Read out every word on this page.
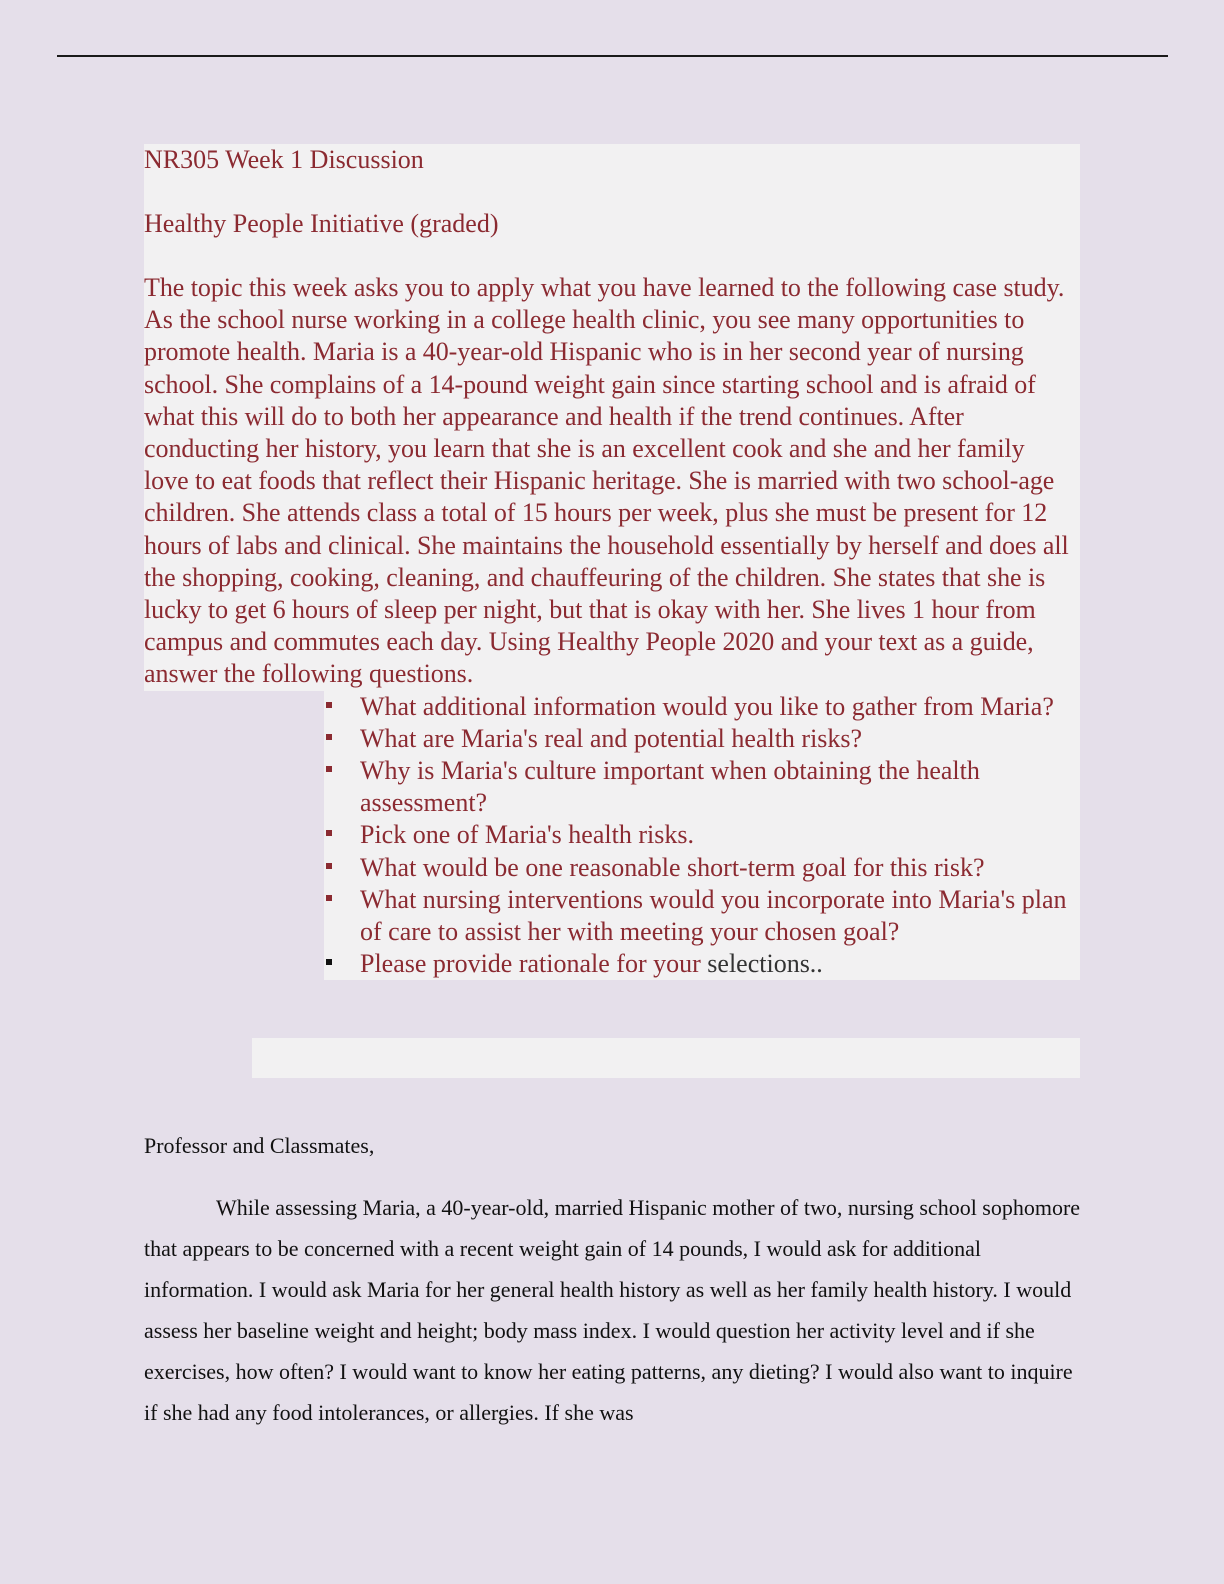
NR305 Week 1 Discussion

Healthy People Initiative (graded)

The topic this week asks you to apply what you have learned to the following case study. As the school nurse working in a college health clinic, you see many opportunities to promote health. Maria is a 40-year-old Hispanic who is in her second year of nursing school. She complains of a 14-pound weight gain since starting school and is afraid of what this will do to both her appearance and health if the trend continues. After conducting her history, you learn that she is an excellent cook and she and her family love to eat foods that reflect their Hispanic heritage. She is married with two school-age children. She attends class a total of 15 hours per week, plus she must be present for 12 hours of labs and clinical. She maintains the household essentially by herself and does all the shopping, cooking, cleaning, and chauffeuring of the children. She states that she is lucky to get 6 hours of sleep per night, but that is okay with her. She lives 1 hour from campus and commutes each day. Using Healthy People 2020 and your text as a guide, answer the following questions.

What additional information would you like to gather from Maria?
What are Maria's real and potential health risks?
Why is Maria's culture important when obtaining the health assessment?
Pick one of Maria's health risks.
What would be one reasonable short-term goal for this risk?
What nursing interventions would you incorporate into Maria's plan of care to assist her with meeting your chosen goal?
Please provide rationale for your selections..

Professor and Classmates,

While assessing Maria, a 40-year-old, married Hispanic mother of two, nursing school sophomore that appears to be concerned with a recent weight gain of 14 pounds, I would ask for additional information. I would ask Maria for her general health history as well as her family health history. I would assess her baseline weight and height; body mass index. I would question her activity level and if she exercises, how often? I would want to know her eating patterns, any dieting? I would also want to inquire if she had any food intolerances, or allergies. If she was
